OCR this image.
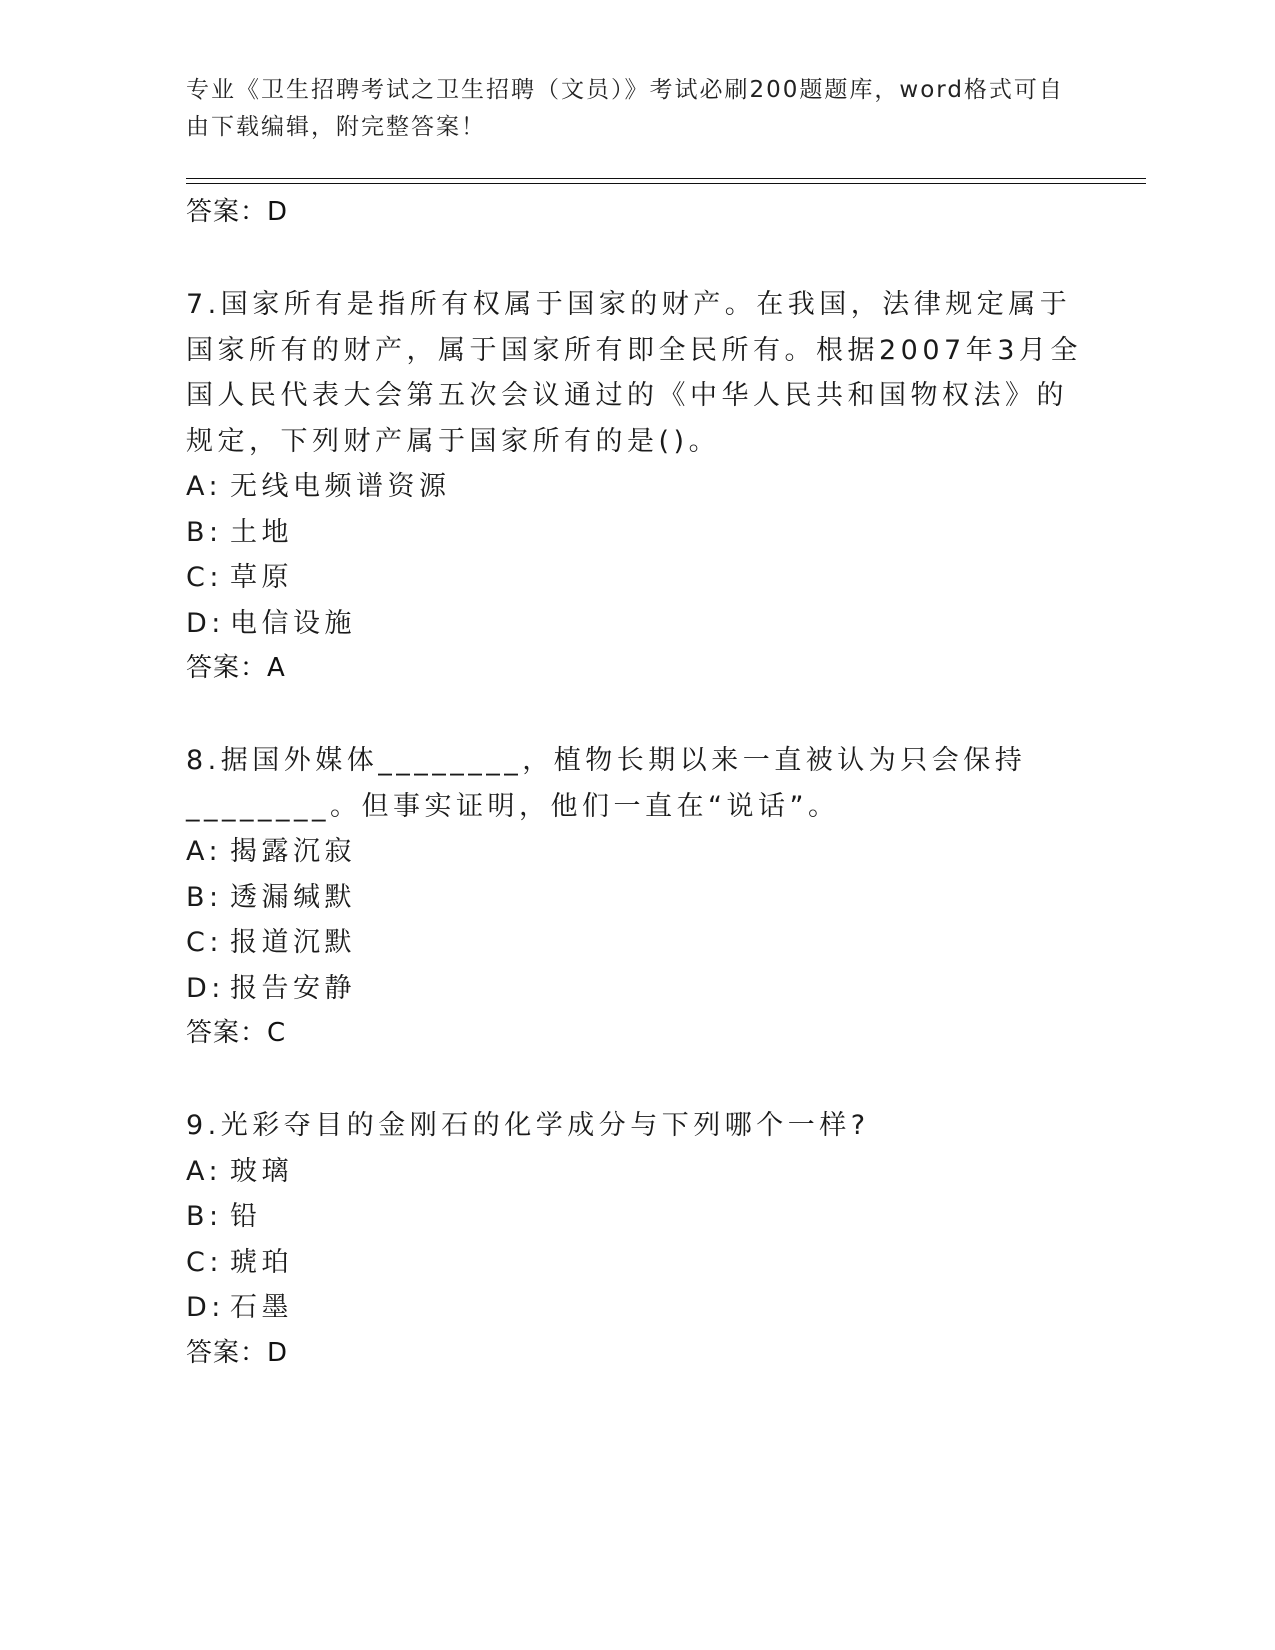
专业《卫生招聘考试之卫生招聘（文员）》考试必刷200题题库，word格式可自由下载编辑，附完整答案！
答案：D
7.国家所有是指所有权属于国家的财产。在我国，法律规定属于国家所有的财产，属于国家所有即全民所有。根据2007年3月全国人民代表大会第五次会议通过的《中华人民共和国物权法》的规定，下列财产属于国家所有的是()。
A: 无线电频谱资源
B: 土地
C: 草原
D: 电信设施
答案：A
8.据国外媒体________，植物长期以来一直被认为只会保持________。但事实证明，他们一直在“说话”。
A: 揭露沉寂
B: 透漏缄默
C: 报道沉默
D: 报告安静
答案：C
9.光彩夺目的金刚石的化学成分与下列哪个一样?
A: 玻璃
B: 铅
C: 琥珀
D: 石墨
答案：D
